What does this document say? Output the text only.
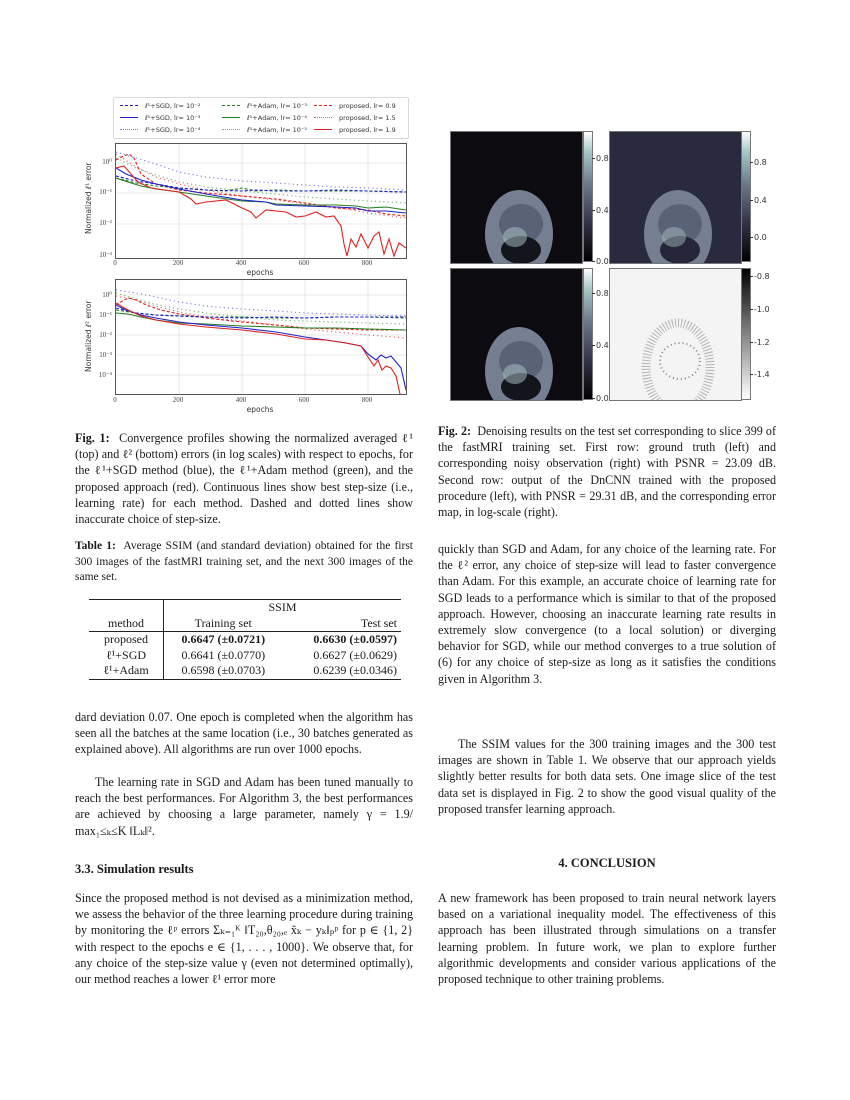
ℓ¹+SGD, lr= 10⁻²
ℓ¹+SGD, lr= 10⁻³
ℓ¹+SGD, lr= 10⁻⁴
ℓ¹+Adam, lr= 10⁻³
ℓ¹+Adam, lr= 10⁻⁴
ℓ¹+Adam, lr= 10⁻⁵
proposed, lr= 0.9
proposed, lr= 1.5
proposed, lr= 1.9
Normalized ℓ¹ error
10⁰
10⁻¹
10⁻²
10⁻³
0	200	400	600	800
epochs
Normalized ℓ² error
10⁰
10⁻¹
10⁻²
10⁻³
10⁻⁴
0	200	400	600	800
epochs
Fig. 1: Convergence profiles showing the normalized averaged ℓ¹ (top) and ℓ² (bottom) errors (in log scales) with respect to epochs, for the ℓ¹+SGD method (blue), the ℓ¹+Adam method (green), and the proposed approach (red). Continuous lines show best step-size (i.e., learning rate) for each method. Dashed and dotted lines show inaccurate choice of step-size.
0.8
0.4
0.0
0.8
0.4
0.0
0.8
0.4
0.0
-0.8
-1.0
-1.2
-1.4
Fig. 2: Denoising results on the test set corresponding to slice 399 of the fastMRI training set. First row: ground truth (left) and corresponding noisy observation (right) with PSNR = 23.09 dB. Second row: output of the DnCNN trained with the proposed procedure (left), with PNSR = 29.31 dB, and the corresponding error map, in log-scale (right).
Table 1: Average SSIM (and standard deviation) obtained for the first 300 images of the fastMRI training set, and the next 300 images of the same set.
	SSIM	
method	Training set	Test set
proposed	0.6647 (±0.0721)	0.6630 (±0.0597)
ℓ¹+SGD	0.6641 (±0.0770)	0.6627 (±0.0629)
ℓ¹+Adam	0.6598 (±0.0703)	0.6239 (±0.0346)
dard deviation 0.07. One epoch is completed when the algorithm has seen all the batches at the same location (i.e., 30 batches generated as explained above). All algorithms are run over 1000 epochs.
The learning rate in SGD and Adam has been tuned manually to reach the best performances. For Algorithm 3, the best performances are achieved by choosing a large parameter, namely γ = 1.9/ max₁≤ₖ≤K ‖Lₖ‖².
3.3. Simulation results
Since the proposed method is not devised as a minimization method, we assess the behavior of the three learning procedure during training by monitoring the ℓᵖ errors Σₖ₌₁ᴷ ‖T₂₀,θ₂₀,ₑ x̃ₖ − yₖ‖ₚᵖ for p ∈ {1, 2} with respect to the epochs e ∈ {1, . . . , 1000}. We observe that, for any choice of the step-size value γ (even not determined optimally), our method reaches a lower ℓ¹ error more
quickly than SGD and Adam, for any choice of the learning rate. For the ℓ² error, any choice of step-size will lead to faster convergence than Adam. For this example, an accurate choice of learning rate for SGD leads to a performance which is similar to that of the proposed approach. However, choosing an inaccurate learning rate results in extremely slow convergence (to a local solution) or diverging behavior for SGD, while our method converges to a true solution of (6) for any choice of step-size as long as it satisfies the conditions given in Algorithm 3.
The SSIM values for the 300 training images and the 300 test images are shown in Table 1. We observe that our approach yields slightly better results for both data sets. One image slice of the test data set is displayed in Fig. 2 to show the good visual quality of the proposed transfer learning approach.
4. CONCLUSION
A new framework has been proposed to train neural network layers based on a variational inequality model. The effectiveness of this approach has been illustrated through simulations on a transfer learning problem. In future work, we plan to explore further algorithmic developments and consider various applications of the proposed technique to other training problems.
